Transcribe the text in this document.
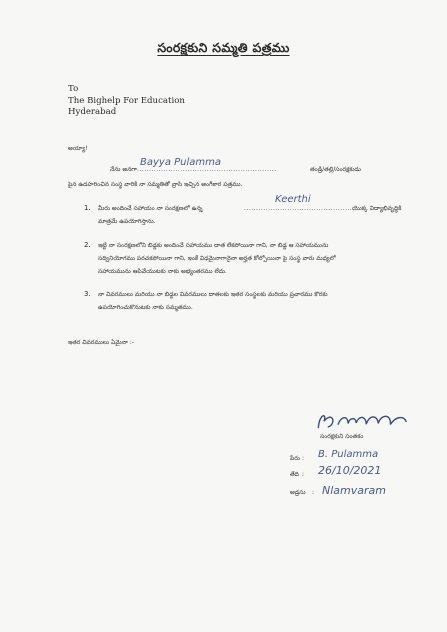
సంరక్షకుని సమ్మతి పత్రము
To
The Bighelp For Education
Hyderabad
అయ్యా!
నేను అనగా ..........................................................
Bayya Pulamma
తండ్రి/తల్లి/సంరక్షకుడు
పైన ఉదహరించిన సంస్థ వారికి నా సమ్మతితో వ్రాసి ఇచ్చిన అంగీకార పత్రము.
1. మీరు అందించే సహాయం నా సంరక్షణలో ఉన్న	..............................................
Keerthi
యొక్క విద్యాభివృద్ధికి
మాత్రమే ఉపయోగిస్తాను.
2. ఇట్టి నా సంరక్షణలోని బిడ్డకు అందించే సహాయము దాత లేకపోయినా గాని, నా బిడ్డ ఆ సహాయమును
సద్వినియోగము పరచకపోయినా గాని, ఇంకే విధమైనాగానైనా అర్హత కోల్పోయినా పై సంస్థ వారు మధ్యలో
సహాయమును ఆపివేయుటకు నాకు అభ్యంతరము లేదు.
3. నా వివరములు మరియు నా బిడ్డల వివరములు దాతలకు ఇతర సంస్థలకు మరియు ప్రచారము కొరకు
ఉపయోగించుకొనుటకు నాకు సమ్మతము.
ఇతర వివరములు ఏమైనా :-
సంరక్షకుని సంతకం
పేరు : B. Pulamma
తేది : 26/10/2021
అడ్రసు : Nlamvaram
